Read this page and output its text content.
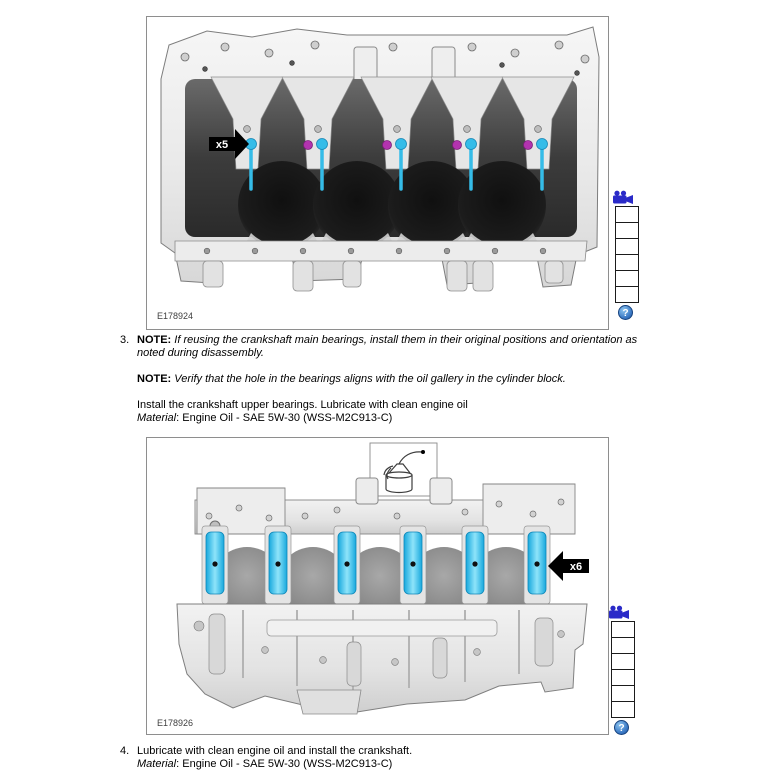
x5
E178924
x6
E178926
?
?
3. NOTE: If reusing the crankshaft main bearings, install them in their original positions and orientation as noted during disassembly.

NOTE: Verify that the hole in the bearings aligns with the oil gallery in the cylinder block.

Install the crankshaft upper bearings. Lubricate with clean engine oil

Material: Engine Oil - SAE 5W-30 (WSS-M2C913-C)

4. Lubricate with clean engine oil and install the crankshaft.

Material: Engine Oil - SAE 5W-30 (WSS-M2C913-C)
